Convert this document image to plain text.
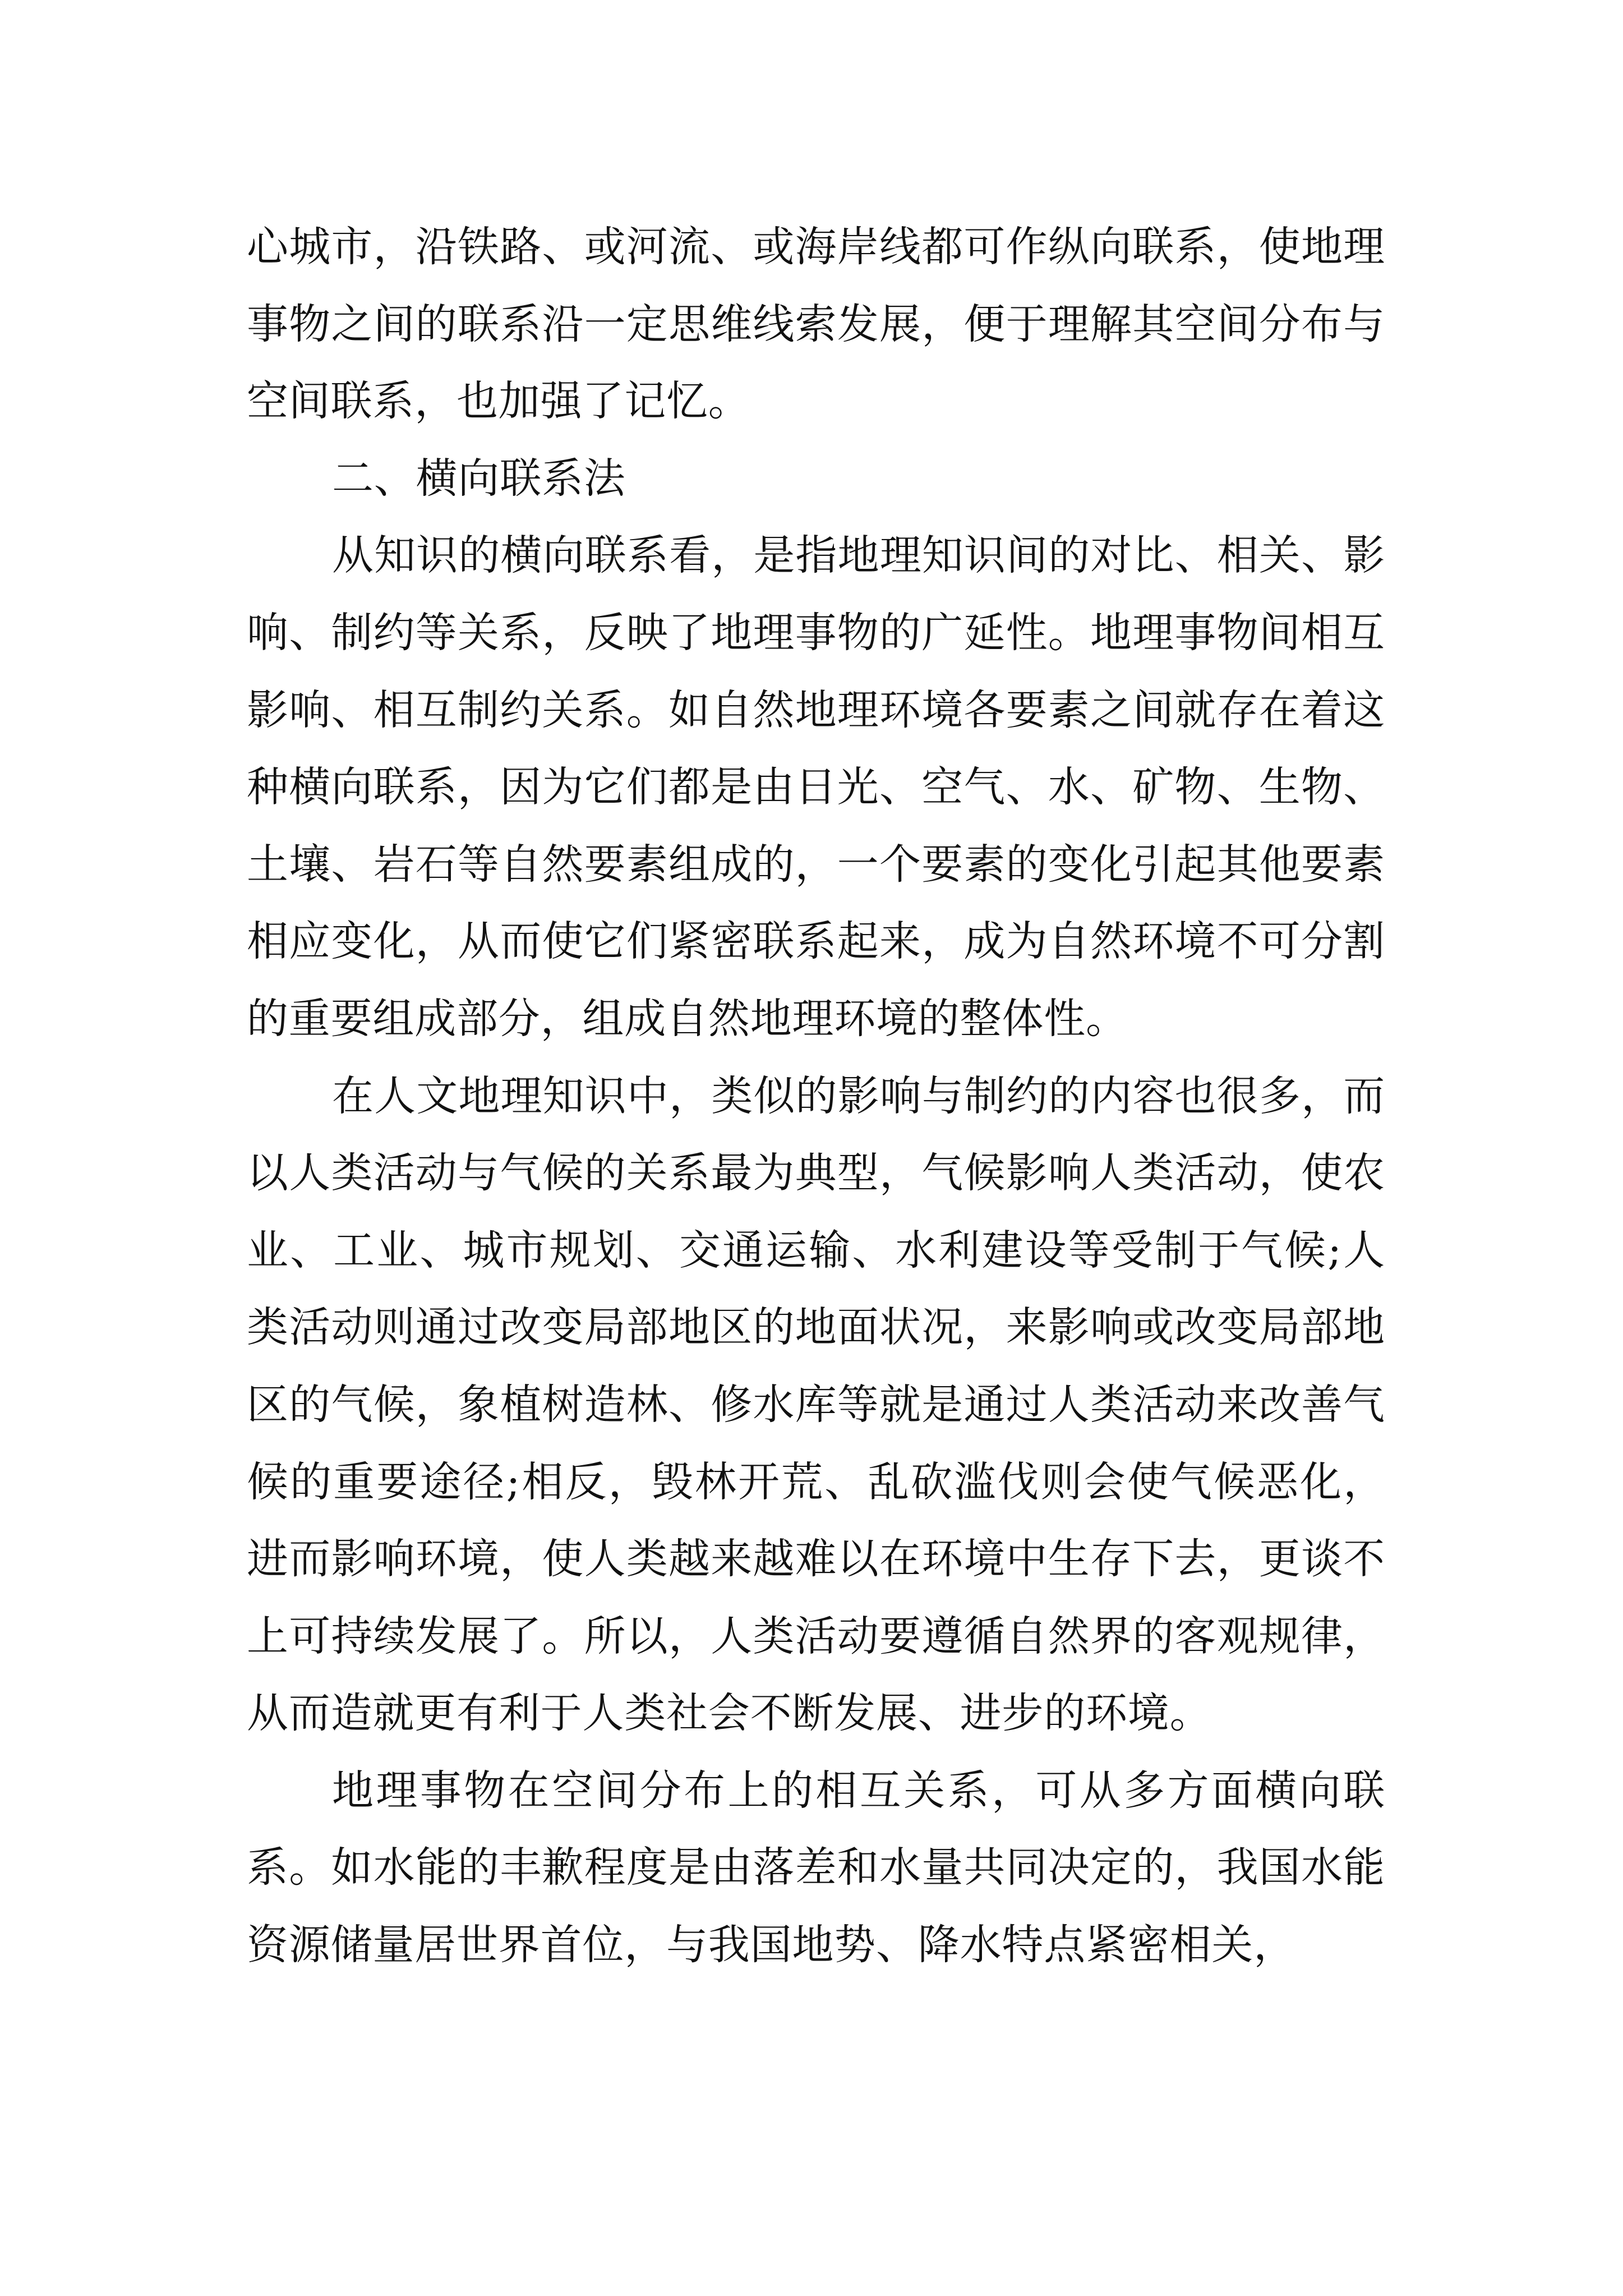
心城市，沿铁路、或河流、或海岸线都可作纵向联系，使地理事物之间的联系沿一定思维线索发展，便于理解其空间分布与空间联系，也加强了记忆。

二、横向联系法

从知识的横向联系看，是指地理知识间的对比、相关、影响、制约等关系，反映了地理事物的广延性。地理事物间相互影响、相互制约关系。如自然地理环境各要素之间就存在着这种横向联系，因为它们都是由日光、空气、水、矿物、生物、土壤、岩石等自然要素组成的，一个要素的变化引起其他要素相应变化，从而使它们紧密联系起来，成为自然环境不可分割的重要组成部分，组成自然地理环境的整体性。

在人文地理知识中，类似的影响与制约的内容也很多，而以人类活动与气候的关系最为典型，气候影响人类活动，使农业、工业、城市规划、交通运输、水利建设等受制于气候;人类活动则通过改变局部地区的地面状况，来影响或改变局部地区的气候，象植树造林、修水库等就是通过人类活动来改善气候的重要途径;相反，毁林开荒、乱砍滥伐则会使气候恶化，进而影响环境，使人类越来越难以在环境中生存下去，更谈不上可持续发展了。所以，人类活动要遵循自然界的客观规律，从而造就更有利于人类社会不断发展、进步的环境。

地理事物在空间分布上的相互关系，可从多方面横向联系。如水能的丰歉程度是由落差和水量共同决定的，我国水能资源储量居世界首位，与我国地势、降水特点紧密相关，
